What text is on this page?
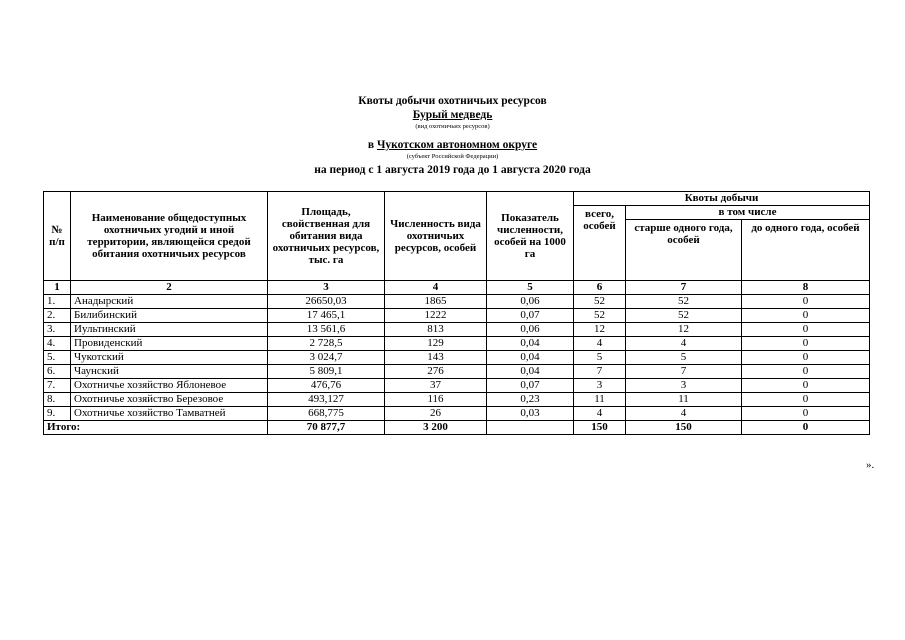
Квоты добычи охотничьих ресурсов
Бурый медведь
(вид охотничьих ресурсов)
в Чукотском автономном округе
(субъект Российской Федерации)
на период с 1 августа 2019 года до 1 августа 2020 года
№ п/п	Наименование общедоступных охотничьих угодий и иной территории, являющейся средой обитания охотничьих ресурсов	Площадь, свойственная для обитания вида охотничьих ресурсов, тыс. га	Численность вида охотничьих ресурсов, особей	Показатель численности, особей на 1000 га	Квоты добычи		
					всего, особей	в том числе	
						старше одного года, особей	до одного года, особей
1	2	3	4	5	6	7	8
1.	Анадырский	26650,03	1865	0,06	52	52	0
2.	Билибинский	17 465,1	1222	0,07	52	52	0
3.	Иультинский	13 561,6	813	0,06	12	12	0
4.	Провиденский	2 728,5	129	0,04	4	4	0
5.	Чукотский	3 024,7	143	0,04	5	5	0
6.	Чаунский	5 809,1	276	0,04	7	7	0
7.	Охотничье хозяйство Яблоневое	476,76	37	0,07	3	3	0
8.	Охотничье хозяйство Березовое	493,127	116	0,23	11	11	0
9.	Охотничье хозяйство Тамватней	668,775	26	0,03	4	4	0
Итого:		70 877,7	3 200		150	150	0
».
